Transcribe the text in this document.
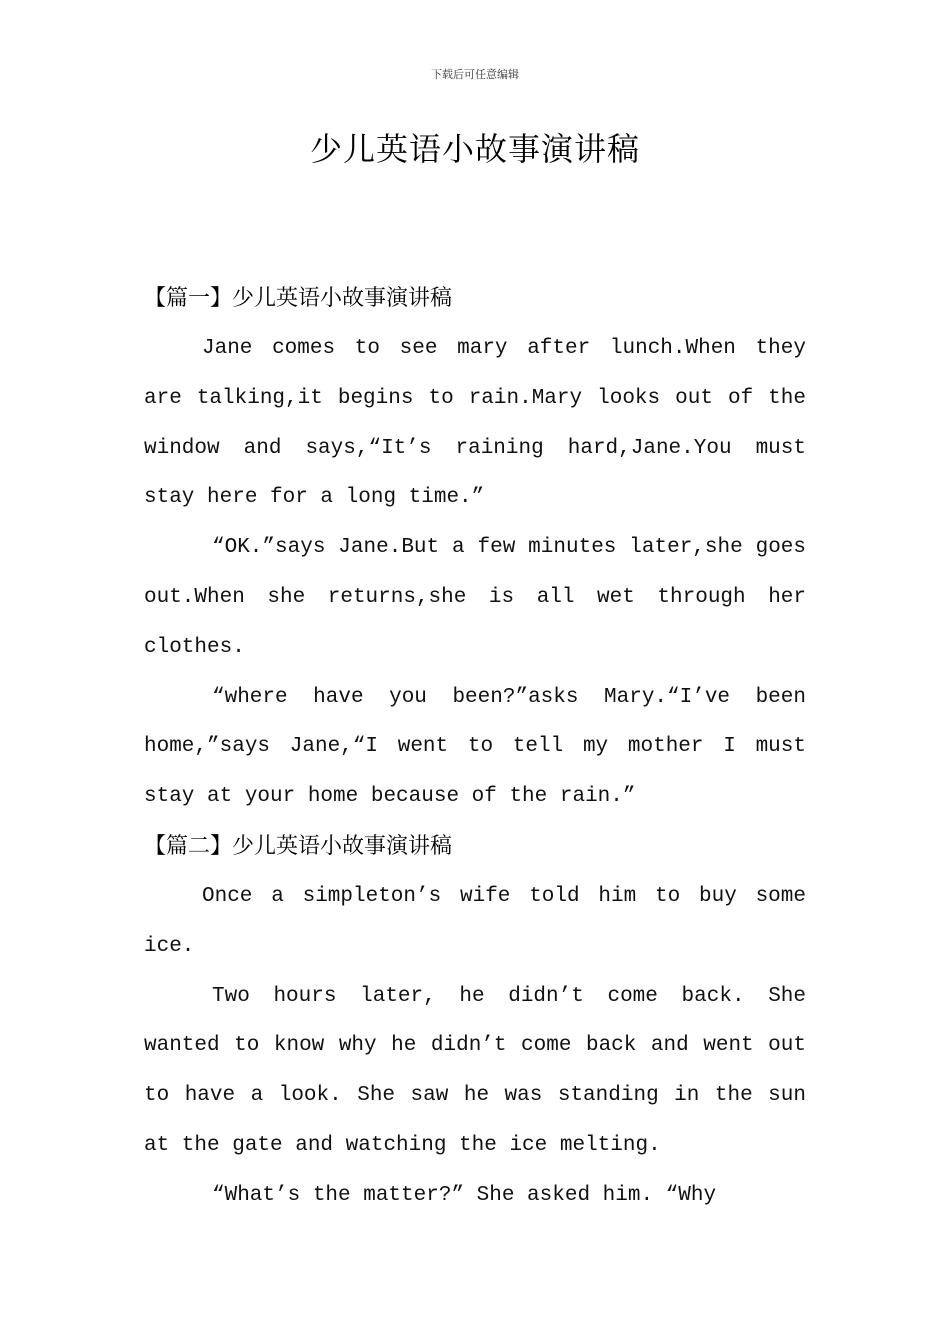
下载后可任意编辑
少儿英语小故事演讲稿
【篇一】少儿英语小故事演讲稿

Jane comes to see mary after lunch.When they are talking,it begins to rain.Mary looks out of the window and says,“It’s raining hard,Jane.You must stay here for a long time.”

“OK.”says Jane.But a few minutes later,she goes out.When she returns,she is all wet through her clothes.

“where have you been?”asks Mary.“I’ve been home,”says Jane,“I went to tell my mother I must stay at your home because of the rain.”

【篇二】少儿英语小故事演讲稿

Once a simpleton’s wife told him to buy some ice.

Two hours later, he didn’t come back. She wanted to know why he didn’t come back and went out to have a look. She saw he was standing in the sun at the gate and watching the ice melting.

“What’s the matter?” She asked him. “Why
